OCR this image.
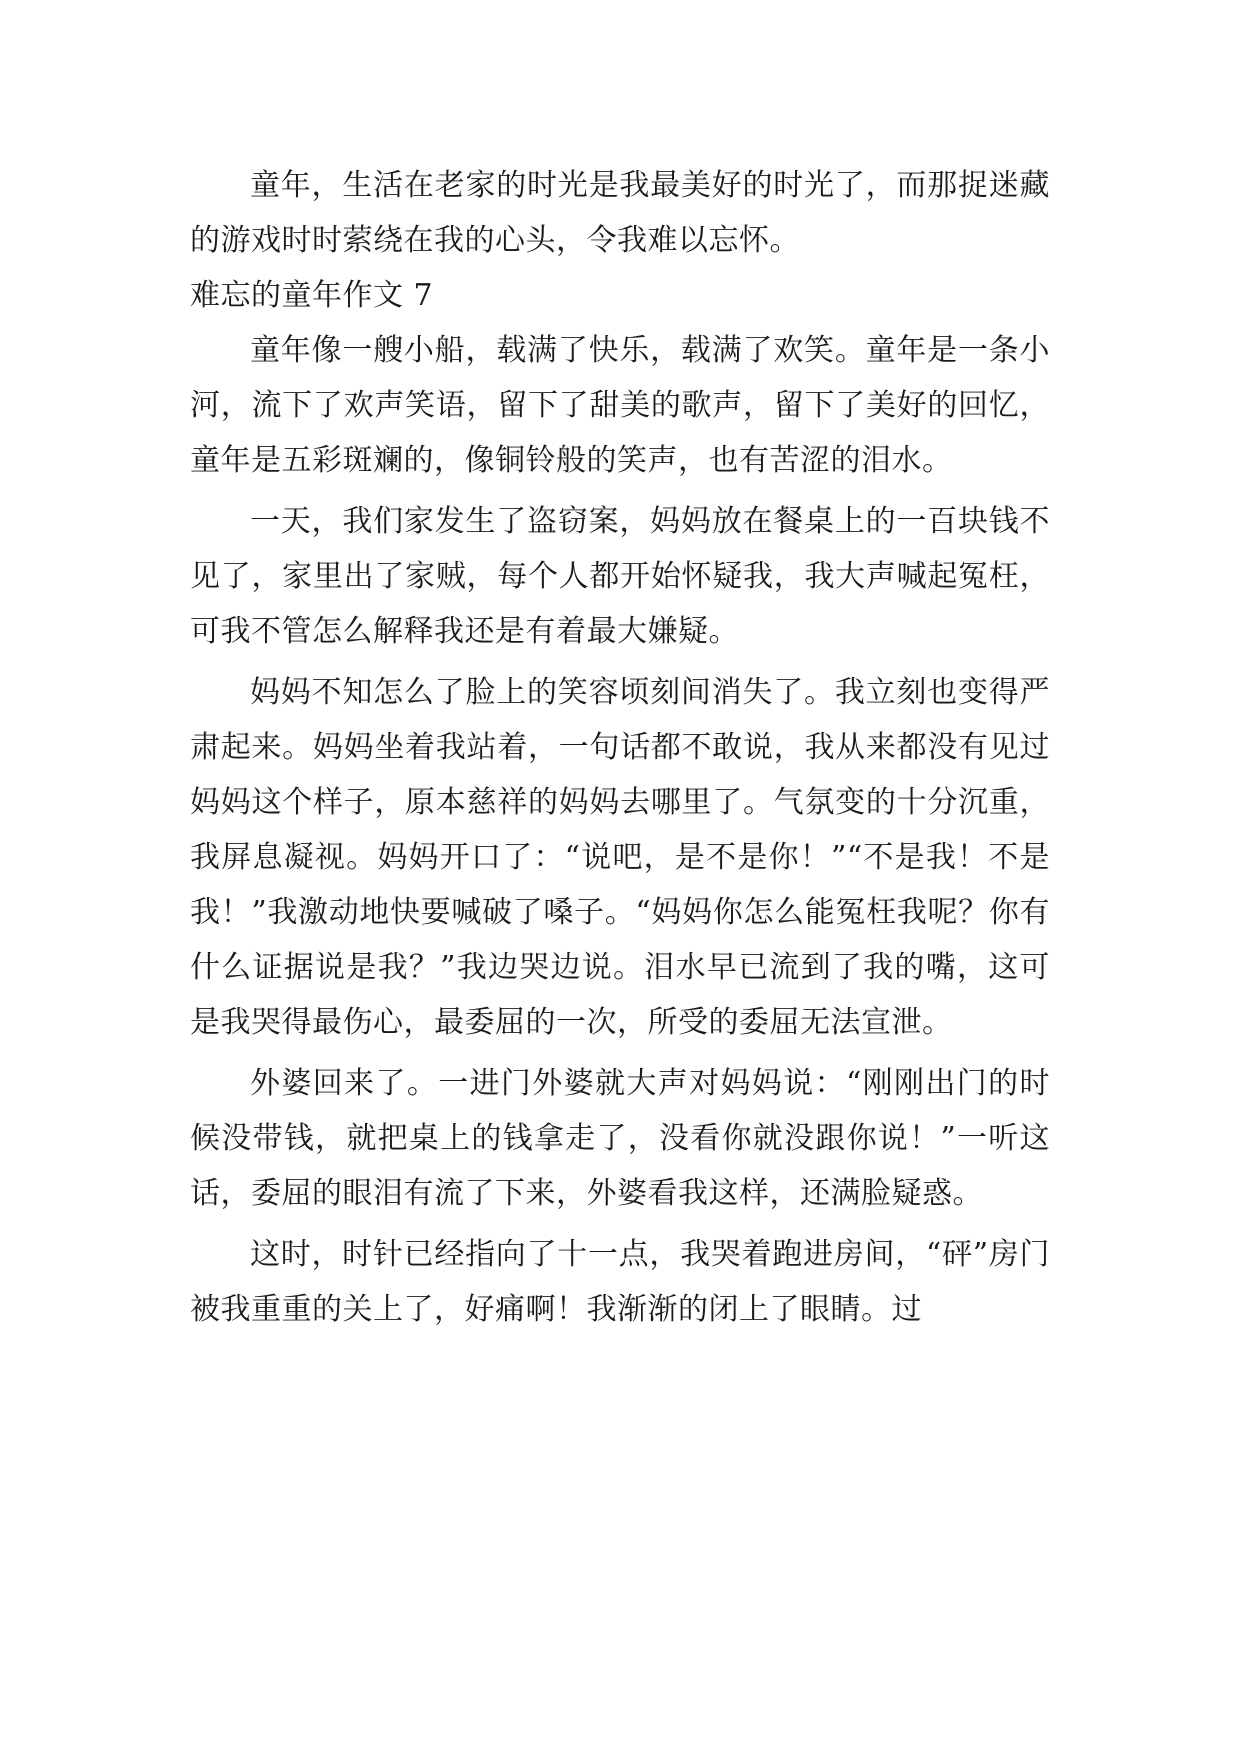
童年，生活在老家的时光是我最美好的时光了，而那捉迷藏的游戏时时萦绕在我的心头，令我难以忘怀。

难忘的童年作文 7

童年像一艘小船，载满了快乐，载满了欢笑。童年是一条小河，流下了欢声笑语，留下了甜美的歌声，留下了美好的回忆，童年是五彩斑斓的，像铜铃般的笑声，也有苦涩的泪水。

一天，我们家发生了盗窃案，妈妈放在餐桌上的一百块钱不见了，家里出了家贼，每个人都开始怀疑我，我大声喊起冤枉，可我不管怎么解释我还是有着最大嫌疑。

妈妈不知怎么了脸上的笑容顷刻间消失了。我立刻也变得严肃起来。妈妈坐着我站着，一句话都不敢说，我从来都没有见过妈妈这个样子，原本慈祥的妈妈去哪里了。气氛变的十分沉重，我屏息凝视。妈妈开口了：“说吧，是不是你！”“不是我！不是我！”我激动地快要喊破了嗓子。“妈妈你怎么能冤枉我呢？你有什么证据说是我？”我边哭边说。泪水早已流到了我的嘴，这可是我哭得最伤心，最委屈的一次，所受的委屈无法宣泄。

外婆回来了。一进门外婆就大声对妈妈说：“刚刚出门的时候没带钱，就把桌上的钱拿走了，没看你就没跟你说！”一听这话，委屈的眼泪有流了下来，外婆看我这样，还满脸疑惑。

这时，时针已经指向了十一点，我哭着跑进房间，“砰”房门被我重重的关上了，好痛啊！我渐渐的闭上了眼睛。过
